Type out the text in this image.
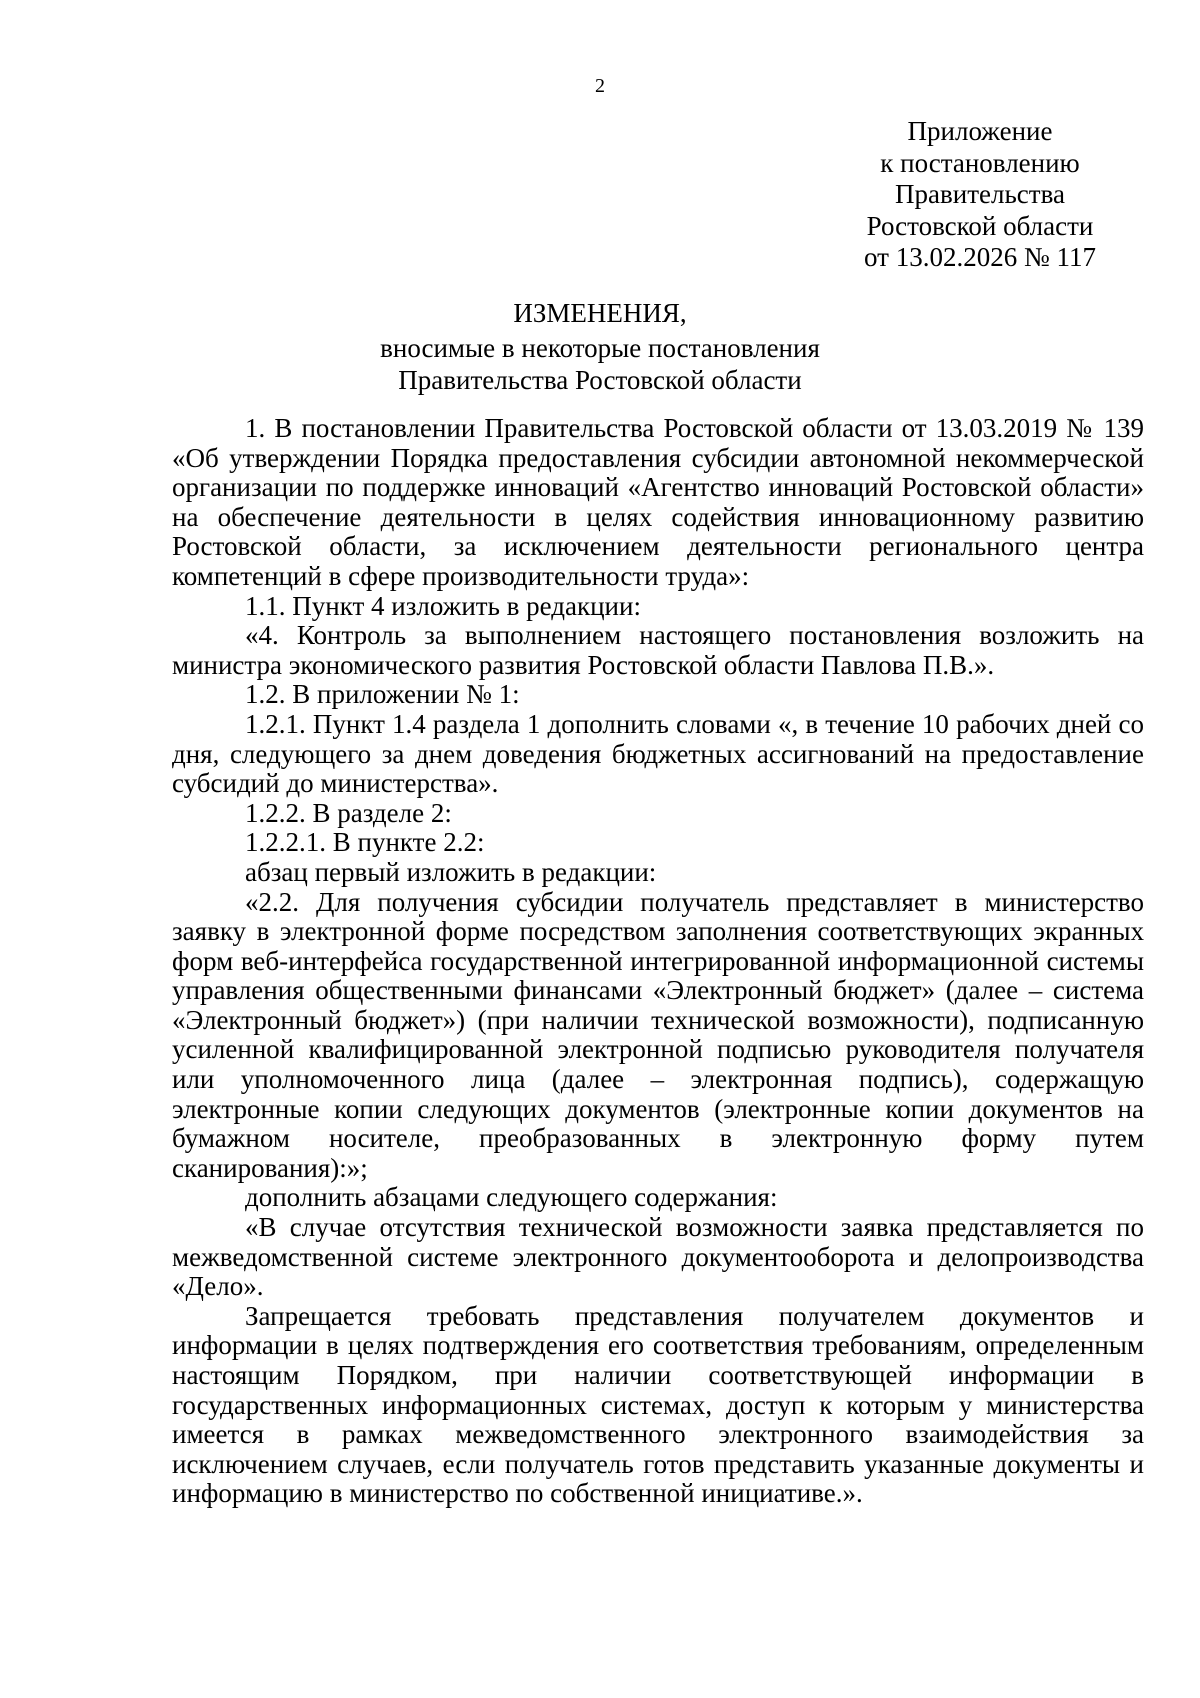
2
Приложение
к постановлению
Правительства
Ростовской области
от 13.02.2026 № 117
ИЗМЕНЕНИЯ,
вносимые в некоторые постановления
Правительства Ростовской области

1. В постановлении Правительства Ростовской области от 13.03.2019 № 139 «Об утверждении Порядка предоставления субсидии автономной некоммерческой организации по поддержке инноваций «Агентство инноваций Ростовской области» на обеспечение деятельности в целях содействия инновационному развитию Ростовской области, за исключением деятельности регионального центра компетенций в сфере производительности труда»:

1.1. Пункт 4 изложить в редакции:

«4. Контроль за выполнением настоящего постановления возложить на министра экономического развития Ростовской области Павлова П.В.».

1.2. В приложении № 1:

1.2.1. Пункт 1.4 раздела 1 дополнить словами «, в течение 10 рабочих дней со дня, следующего за днем доведения бюджетных ассигнований на предоставление субсидий до министерства».

1.2.2. В разделе 2:

1.2.2.1. В пункте 2.2:

абзац первый изложить в редакции:

«2.2. Для получения субсидии получатель представляет в министерство заявку в электронной форме посредством заполнения соответствующих экранных форм веб-интерфейса государственной интегрированной информационной системы управления общественными финансами «Электронный бюджет» (далее – система «Электронный бюджет») (при наличии технической возможности), подписанную усиленной квалифицированной электронной подписью руководителя получателя или уполномоченного лица (далее – электронная подпись), содержащую электронные копии следующих документов (электронные копии документов на бумажном носителе, преобразованных в электронную форму путем сканирования):»;

дополнить абзацами следующего содержания:

«В случае отсутствия технической возможности заявка представляется по межведомственной системе электронного документооборота и делопроизводства «Дело».

Запрещается требовать представления получателем документов и информации в целях подтверждения его соответствия требованиям, определенным настоящим Порядком, при наличии соответствующей информации в государственных информационных системах, доступ к которым у министерства имеется в рамках межведомственного электронного взаимодействия за исключением случаев, если получатель готов представить указанные документы и информацию в министерство по собственной инициативе.».
